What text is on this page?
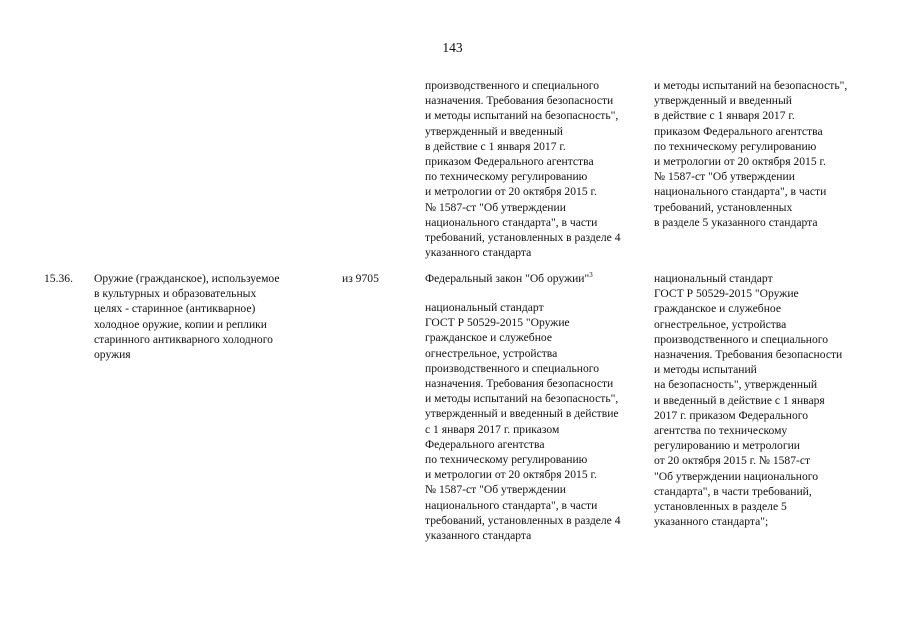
143
производственного и специального
назначения. Требования безопасности
и методы испытаний на безопасность",
утвержденный и введенный
в действие с 1 января 2017 г.
приказом Федерального агентства
по техническому регулированию
и метрологии от 20 октября 2015 г.
№ 1587-ст "Об утверждении
национального стандарта", в части
требований, установленных в разделе 4
указанного стандарта
и методы испытаний на безопасность",
утвержденный и введенный
в действие с 1 января 2017 г.
приказом Федерального агентства
по техническому регулированию
и метрологии от 20 октября 2015 г.
№ 1587-ст "Об утверждении
национального стандарта", в части
требований, установленных
в разделе 5 указанного стандарта
15.36. Оружие (гражданское), используемое
в культурных и образовательных
целях - старинное (антикварное)
холодное оружие, копии и реплики
старинного антикварного холодного
оружия
из 9705	Федеральный закон "Об оружии"$^3$
национальный стандарт
ГОСТ Р 50529-2015 "Оружие
гражданское и служебное
огнестрельное, устройства
производственного и специального
назначения. Требования безопасности
и методы испытаний на безопасность",
утвержденный и введенный в действие
с 1 января 2017 г. приказом
Федерального агентства
по техническому регулированию
и метрологии от 20 октября 2015 г.
№ 1587-ст "Об утверждении
национального стандарта", в части
требований, установленных в разделе 4
указанного стандарта
национальный стандарт
ГОСТ Р 50529-2015 "Оружие
гражданское и служебное
огнестрельное, устройства
производственного и специального
назначения. Требования безопасности
и методы испытаний
на безопасность", утвержденный
и введенный в действие с 1 января
2017 г. приказом Федерального
агентства по техническому
регулированию и метрологии
от 20 октября 2015 г. № 1587-ст
"Об утверждении национального
стандарта", в части требований,
установленных в разделе 5
указанного стандарта";
